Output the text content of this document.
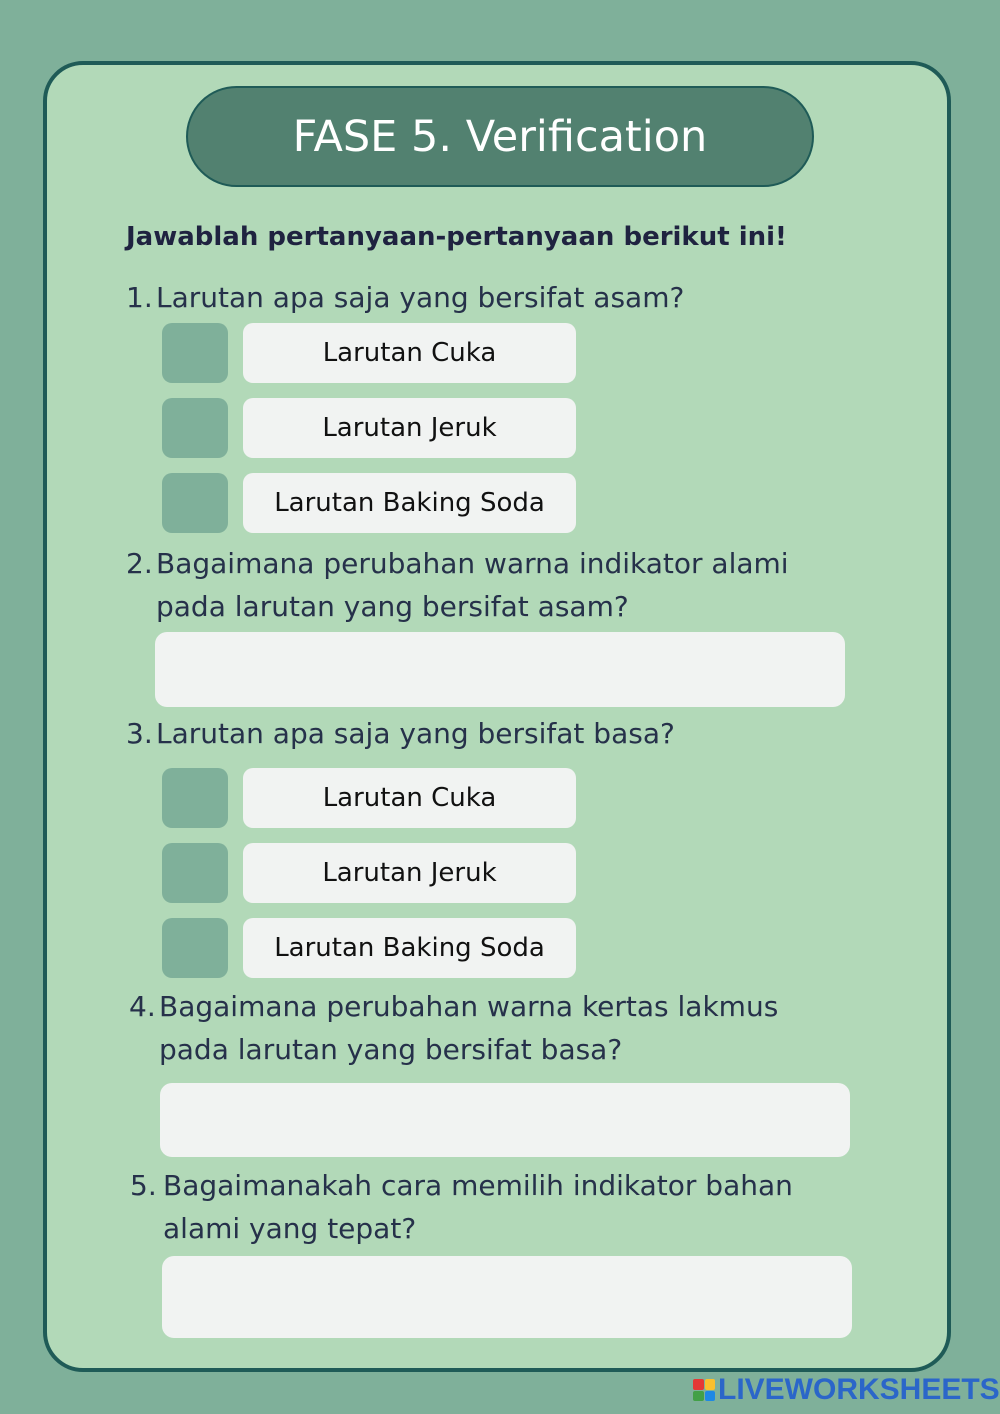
FASE 5. Verification
Jawablah pertanyaan-pertanyaan berikut ini!
1. Larutan apa saja yang bersifat asam?
Larutan Cuka
Larutan Jeruk
Larutan Baking Soda
2. Bagaimana perubahan warna indikator alami
pada larutan yang bersifat asam?
3. Larutan apa saja yang bersifat basa?
Larutan Cuka
Larutan Jeruk
Larutan Baking Soda
4. Bagaimana perubahan warna kertas lakmus
pada larutan yang bersifat basa?
5. Bagaimanakah cara memilih indikator bahan
alami yang tepat?
LIVEWORKSHEETS
